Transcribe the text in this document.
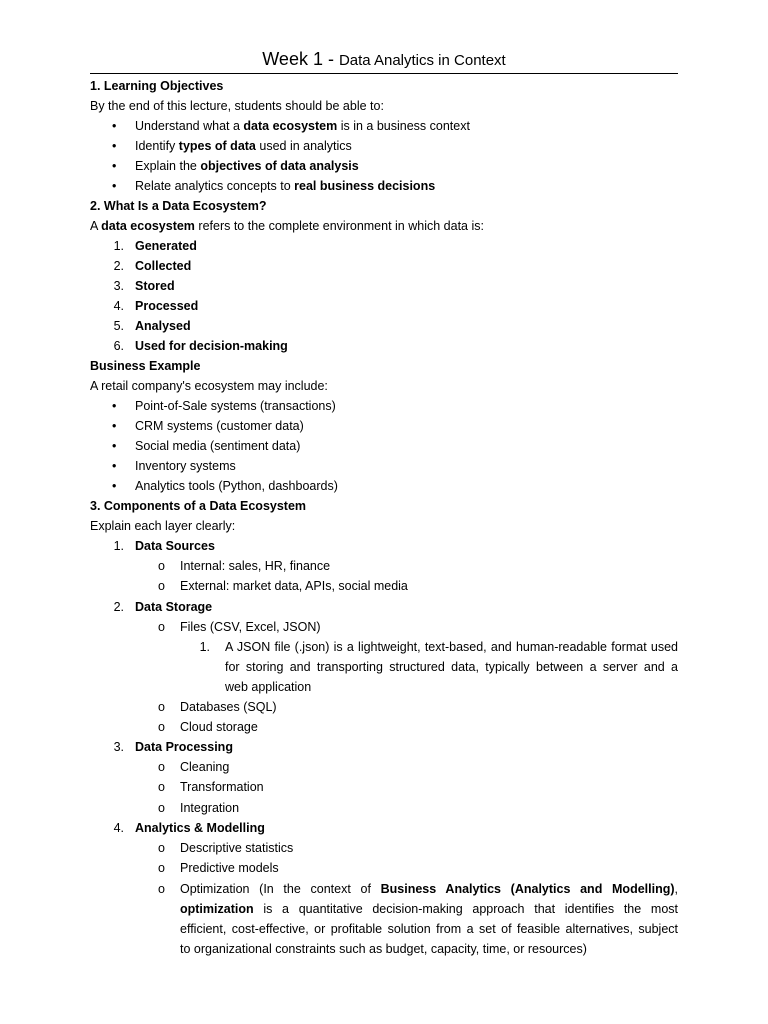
Week 1 - Data Analytics in Context
1. Learning Objectives
By the end of this lecture, students should be able to:
•	Understand what a data ecosystem is in a business context
•	Identify types of data used in analytics
•	Explain the objectives of data analysis
•	Relate analytics concepts to real business decisions
2. What Is a Data Ecosystem?
A data ecosystem refers to the complete environment in which data is:
1. Generated
2. Collected
3. Stored
4. Processed
5. Analysed
6. Used for decision-making
Business Example
A retail company's ecosystem may include:
•	Point-of-Sale systems (transactions)
•	CRM systems (customer data)
•	Social media (sentiment data)
•	Inventory systems
•	Analytics tools (Python, dashboards)
3. Components of a Data Ecosystem
Explain each layer clearly:
1. Data Sources
o Internal: sales, HR, finance
o External: market data, APIs, social media
2. Data Storage
o Files (CSV, Excel, JSON)
1. A JSON file (.json) is a lightweight, text-based, and human-readable format used
for storing and transporting structured data, typically between a server and a
web application
o Databases (SQL)
o Cloud storage
3. Data Processing
o Cleaning
o Transformation
o Integration
4. Analytics & Modelling
o Descriptive statistics
o Predictive models
o Optimization (In the context of Business Analytics (Analytics and Modelling),
optimization is a quantitative decision-making approach that identifies the most
efficient, cost-effective, or profitable solution from a set of feasible alternatives, subject
to organizational constraints such as budget, capacity, time, or resources)
